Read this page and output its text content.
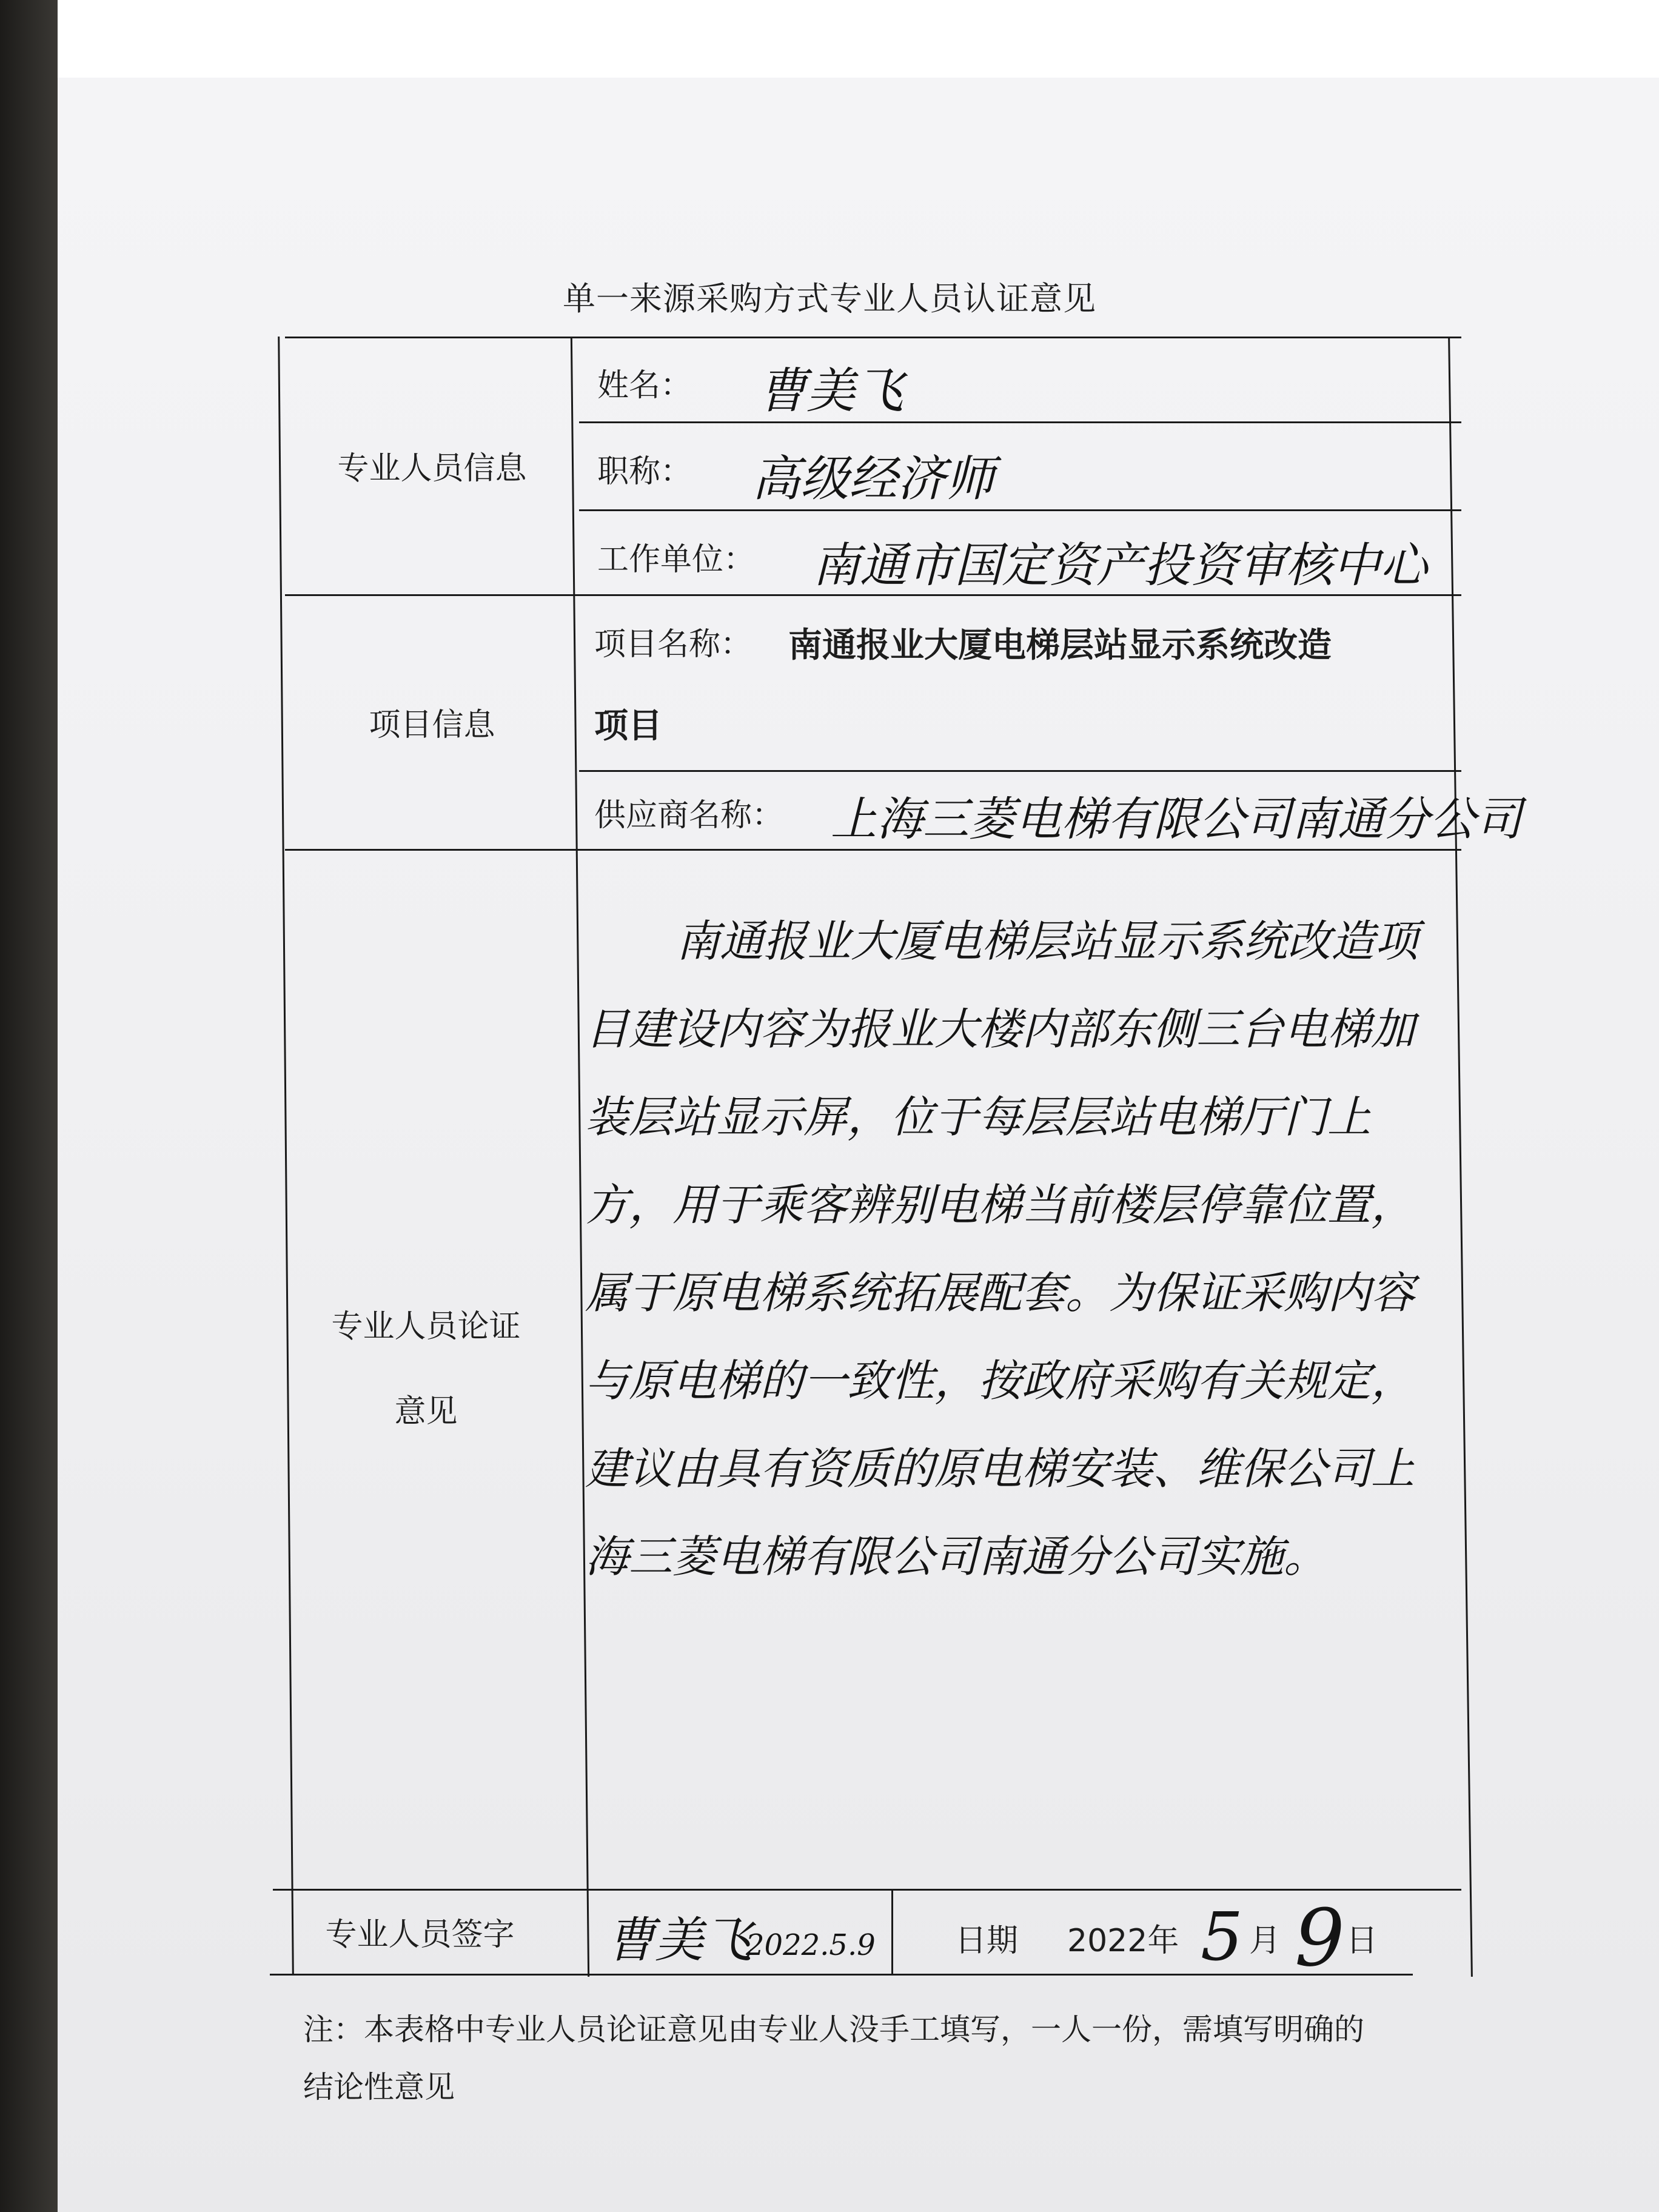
单一来源采购方式专业人员认证意见
专业人员信息
项目信息
专业人员论证
意见
专业人员签字
姓名： 曹美飞
职称： 高级经济师
工作单位： 南通市国定资产投资审核中心
项目名称： 南通报业大厦电梯层站显示系统改造
项目
供应商名称： 上海三菱电梯有限公司南通分公司
曹美飞
2022.5.9	日期 2022年 5 月 9 日
南通报业大厦电梯层站显示系统改造项目建设内容为报业大楼内部东侧三台电梯加装层站显示屏，位于每层层站电梯厅门上方，用于乘客辨别电梯当前楼层停靠位置，属于原电梯系统拓展配套。为保证采购内容与原电梯的一致性，按政府采购有关规定，建议由具有资质的原电梯安装、维保公司上海三菱电梯有限公司南通分公司实施。
注：本表格中专业人员论证意见由专业人没手工填写，一人一份，需填写明确的
结论性意见
